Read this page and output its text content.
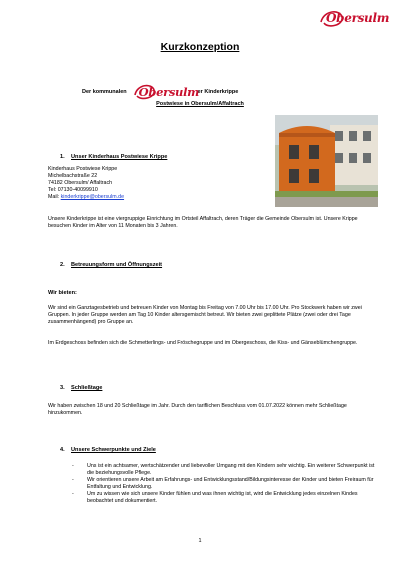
Obersulm
Kurzkonzeption
Der kommunalen Obersulm
er Kinderkrippe
Postwiese in Obersulm/Affaltrach
1. Unser Kinderhaus Postwiese Krippe
Kinderhaus Postwiese Krippe
Michelbachstraße 22
74182 Obersulm/ Affaltrach
Tel: 07130-40099910
Mail: kinderkrippe@obersulm.de
Unsere Kinderkrippe ist eine viergruppige Einrichtung im Ortsteil Affaltrach, deren Träger die Gemeinde Obersulm ist. Unsere Krippe besuchen Kinder im Alter von 11 Monaten bis 3 Jahren.
2. Betreuungsform und Öffnungszeit
Wir bieten:
Wir sind ein Ganztagesbetrieb und betreuen Kinder von Montag bis Freitag von 7.00 Uhr bis 17.00 Uhr. Pro Stockwerk haben wir zwei Gruppen. In jeder Gruppe werden am Tag 10 Kinder altersgemischt betreut. Wir bieten zwei geplittete Plätze (zwei oder drei Tage zusammenhängend) pro Gruppe an.
Im Erdgeschoss befinden sich die Schmetterlings- und Fröschegruppe und im Obergeschoss, die Kiss- und Gänseblümchengruppe.
3. Schließtage
Wir haben zwischen 18 und 20 Schließtage im Jahr. Durch den tariflichen Beschluss vom 01.07.2022 können mehr Schließtage hinzukommen.
4. Unsere Schwerpunkte und Ziele
- Uns ist ein achtsamer, wertschätzender und liebevoller Umgang mit den Kindern sehr wichtig. Ein weiterer Schwerpunkt ist die beziehungsvolle Pflege.
- Wir orientieren unsere Arbeit am Erfahrungs- und Entwicklungsstand/Bildungsinteresse der Kinder und bieten Freiraum für Entfaltung und Entwicklung.
- Um zu wissen wie sich unsere Kinder fühlen und was ihnen wichtig ist, wird die Entwicklung jedes einzelnen Kindes beobachtet und dokumentiert.
1
